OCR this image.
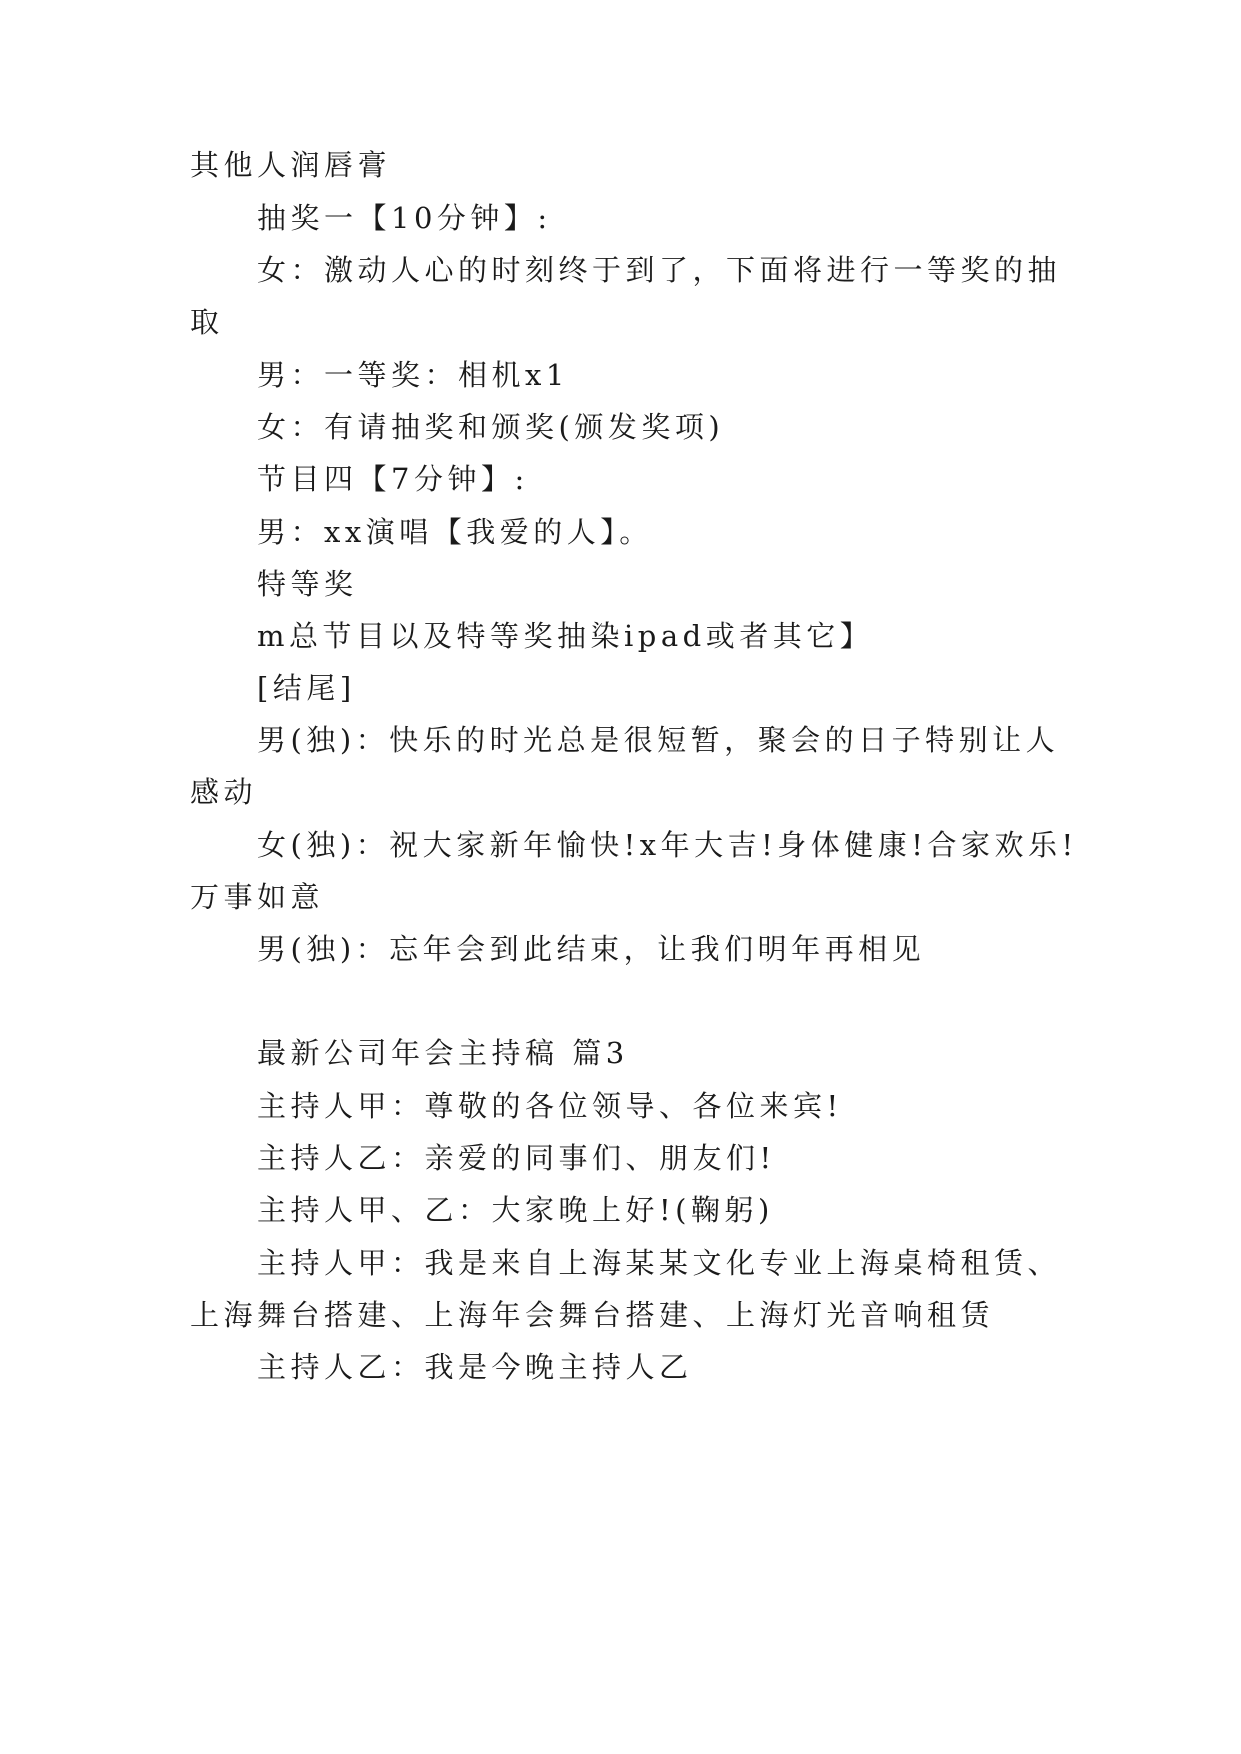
其他人润唇膏
抽奖一【10分钟】:
女：激动人心的时刻终于到了，下面将进行一等奖的抽
取
男：一等奖：相机x1
女：有请抽奖和颁奖(颁发奖项)
节目四【7分钟】:
男：xx演唱【我爱的人】。
特等奖
m总节目以及特等奖抽染ipad或者其它】
[结尾]
男(独)：快乐的时光总是很短暂，聚会的日子特别让人
感动
女(独)：祝大家新年愉快!x年大吉!身体健康!合家欢乐!
万事如意
男(独)：忘年会到此结束，让我们明年再相见
最新公司年会主持稿 篇3
主持人甲：尊敬的各位领导、各位来宾!
主持人乙：亲爱的同事们、朋友们!
主持人甲、乙：大家晚上好!(鞠躬)
主持人甲：我是来自上海某某文化专业上海桌椅租赁、
上海舞台搭建、上海年会舞台搭建、上海灯光音响租赁
主持人乙：我是今晚主持人乙
